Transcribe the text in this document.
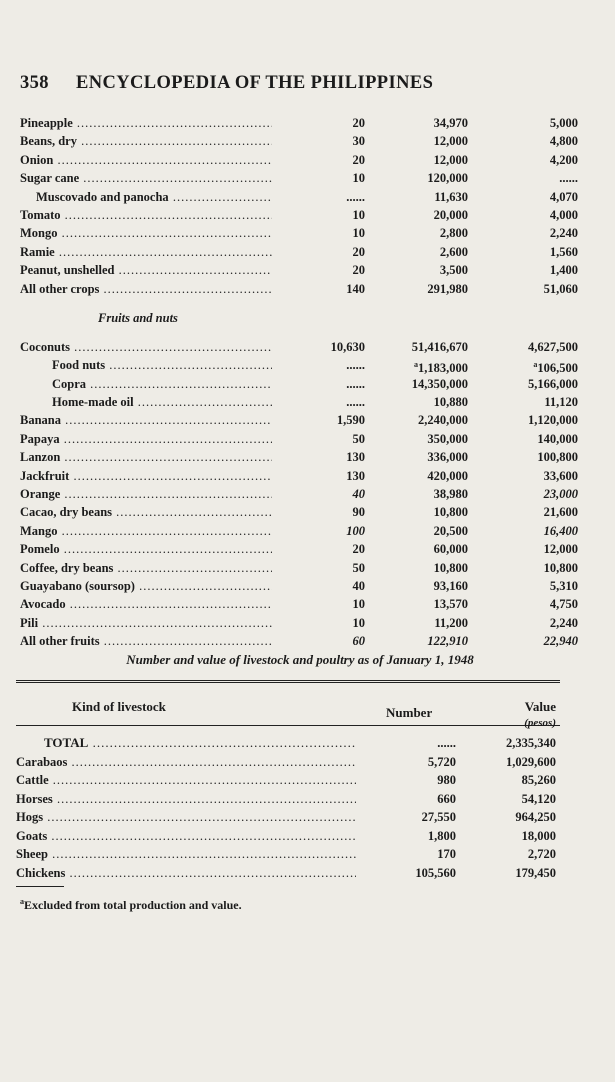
358 ENCYCLOPEDIA OF THE PHILIPPINES
Pineapple .....	20	34,970	5,000
Beans, dry .....	30	12,000	4,800
Onion .....	20	12,000	4,200
Sugar cane .....	10	120,000	......
Muscovado and panocha .....	......	11,630	4,070
Tomato .....	10	20,000	4,000
Mongo .....	10	2,800	2,240
Ramie .....	20	2,600	1,560
Peanut, unshelled .....	20	3,500	1,400
All other crops .....	140	291,980	51,060
Fruits and nuts
Coconuts .....	10,630	51,416,670	4,627,500
Food nuts .....	......	$^a$1,183,000	$^a$106,500
Copra .....	......	14,350,000	5,166,000
Home-made oil .....	......	10,880	11,120
Banana .....	1,590	2,240,000	1,120,000
Papaya .....	50	350,000	140,000
Lanzon .....	130	336,000	100,800
Jackfruit .....	130	420,000	33,600
Orange .....	40	38,980	23,000
Cacao, dry beans .....	90	10,800	21,600
Mango .....	100	20,500	16,400
Pomelo .....	20	60,000	12,000
Coffee, dry beans .....	50	10,800	10,800
Guayabano (soursop) .....	40	93,160	5,310
Avocado .....	10	13,570	4,750
Pili .....	10	11,200	2,240
All other fruits .....	60	122,910	22,940
Number and value of livestock and poultry as of January 1, 1948
Kind of livestock	Number	Value
(pesos)
TOTAL .....	......	2,335,340
Carabaos .....	5,720	1,029,600
Cattle .....	980	85,260
Horses .....	660	54,120
Hogs .....	27,550	964,250
Goats .....	1,800	18,000
Sheep .....	170	2,720
Chickens .....	105,560	179,450
$^a$Excluded from total production and value.
